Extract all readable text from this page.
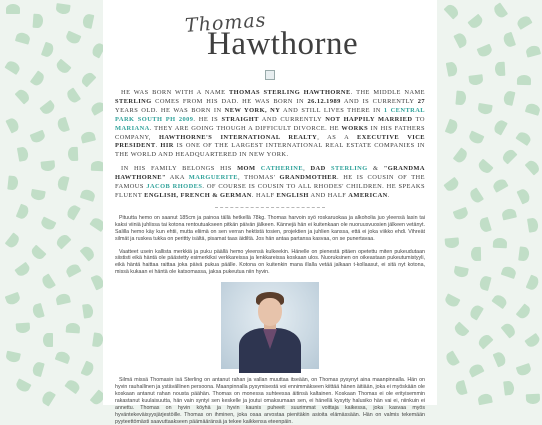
Thomas
Hawthorne

HE WAS BORN WITH A NAME THOMAS STERLING HAWTHORNE. THE MIDDLE NAME STERLING COMES FROM HIS DAD. HE WAS BORN IN 26.12.1989 AND IS CURRENTLY 27 YEARS OLD. HE WAS BORN IN NEW YORK, NY AND STILL LIVES THERE IN 1 CENTRAL PARK SOUTH PH 2009. HE IS STRAIGHT AND CURRENTLY NOT HAPPILY MARRIED TO MARIANA. THEY ARE GOING THOUGH A DIFFICULT DIVORCE. HE WORKS IN HIS FATHERS COMPANY, HAWTHORNE'S INTERNATIONAL REALTY, AS A EXECUTIVE VICE PRESIDENT. HIR IS ONE OF THE LARGEST INTERNATIONAL REAL ESTATE COMPANIES IN THE WORLD AND HEADQUARTERED IN NEW YORK.

IN HIS FAMILY BELONGS HIS MOM CATHERINE, DAD STERLING & "GRANDMA HAWTHORNE" AKA MARGUERITE, THOMAS' GRANDMOTHER. HE IS COUSIN OF THE FAMOUS JACOB RHODES. OF COURSE IS COUSIN TO ALL RHODES' CHILDREN. HE SPEAKS FLUENT ENGLISH, FRENCH & GERMAN. HALF ENGLISH AND HALF AMERICAN.

Pituutta hemo on saanut 185cm ja painoa tällä hetkellä 78kg. Thomas harvoin syö roskaruokaa ja alkoholia juo yleensä lasin tai kaksi viiniä juhlissa tai kotona rentoutuakseen pitkän päivän jälkeen. Kännejä hän ei kuitenkaan ole nuoruusvuosien jälkeen vetänyt. Salilla hemo käy kun ehtii, mutta eliimä on sen verran hektistä tosien, projektien ja juhlien kanssa, että ei joka viikko ehdi. Vihreät silmät ja ruskea tukka on perittty isältä, pisamat taas äidiltä. Jos hän antaa partansa kasvaa, on se punertavaa.

Vaatteet usein kallista merkkiä ja puku päällä hemo yleensä kulkeekin. Hänelle on pienestä pitäen opetettu miten pukeudutaan siististi eikä häntä ole päästetty esimerkiksi verkkareissa ja lenkkareissa koskaan ulos. Nuoruksinen on oikeastaan pukeutumistyyli, eikä häntä haittaa raittaa joka päivä pukua päälle. Kotona on kuitenkin mana illalla vetää jalkaan t-kollaasut, ei sitä nyt kotona, missä kukaan ei häntä ole katsomassa, jaksa pukeutua niin hyvin.

Silmä missä Thomasin isä Sterling on antanut rahan ja vallan muuttaa itseään, on Thomas pysynyt aina maanpinnalla. Hän on hyvin rauhallinen ja ystävällinen persoona. Maanpinnalla pysymisestä voi ennimmäkseen kiittää hänen äitiään, joka ei myöskään ole koskaan antanut rahan nousta päähän. Thomas on monessa suhteessa äitinsä kaltainen. Koskaan Thomas ei ole erityisemmin rakastanut kuulaisuutta, hän vain syntyi sen keskelle ja joutui omaksumaan sen, ei hänellä kysytty halusiko hän vai ei, niinkuin ei annettu. Thomas on hyvin köyhä ja hyvin kaunis puheeit suurimmat voittaja kaikessa, joka kasvaa myös hyväntekeväisyysjärjestöille. Thomas on ihminen, joka osaa arvostaa pienitäkin asioita elämässään. Hän on valmis tekemään pyyteettömästi saavuttaakseen päämääränsä ja tekee kaikkensa eteenpäin.
